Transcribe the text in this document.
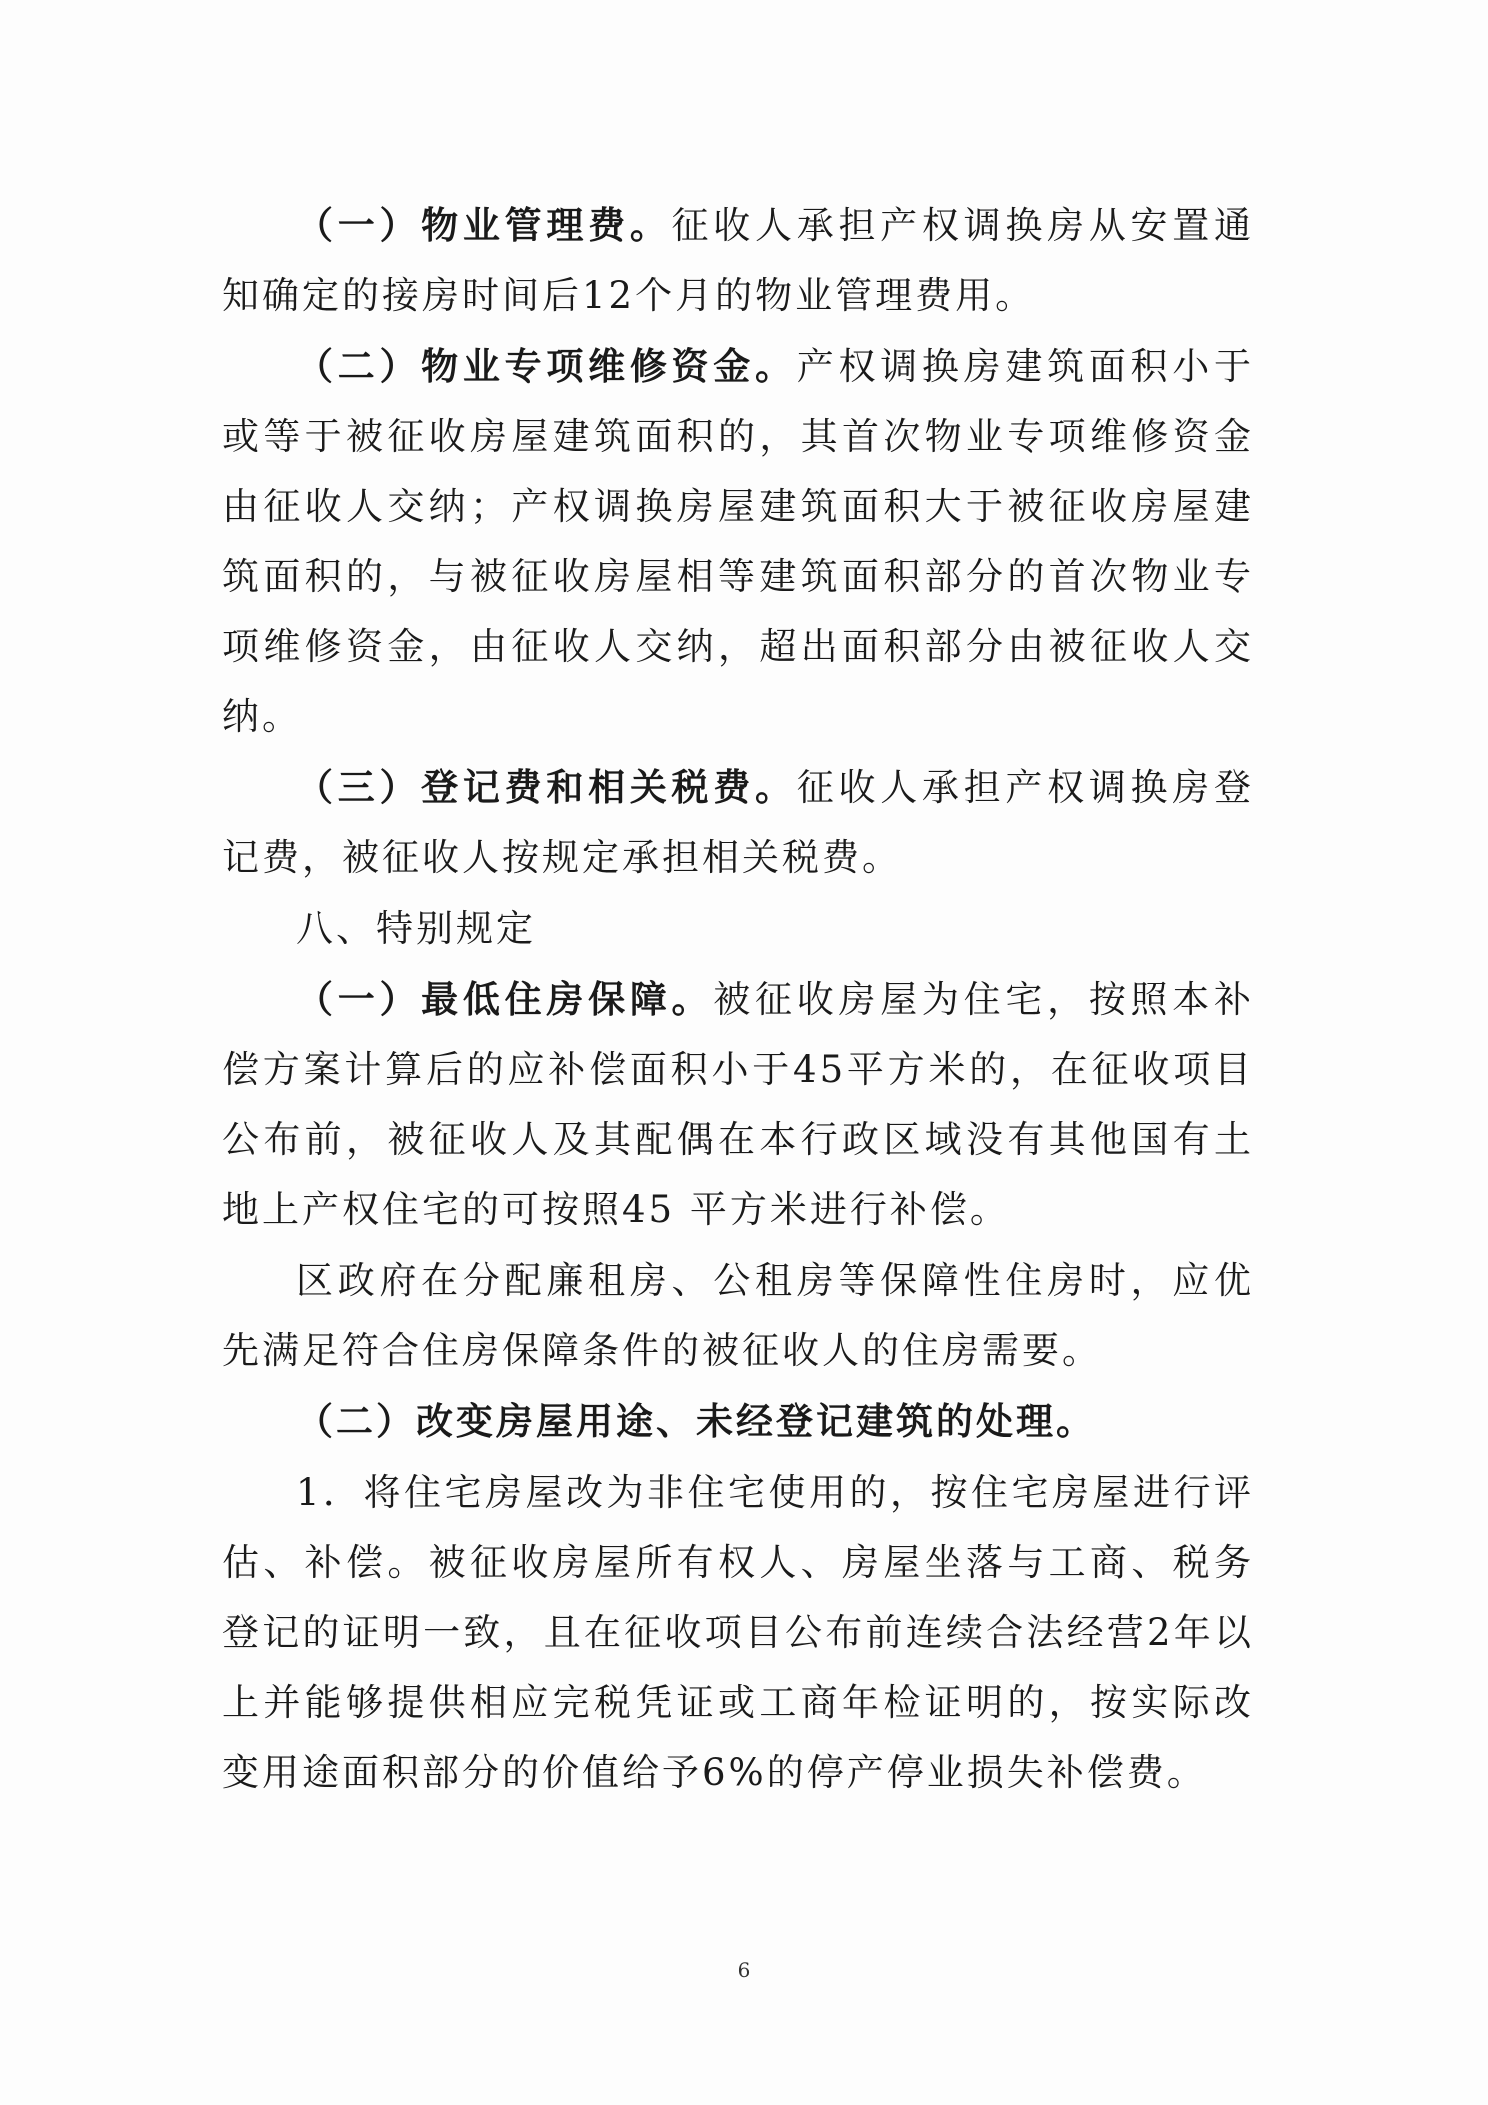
（一）物业管理费。征收人承担产权调换房从安置通知确定的接房时间后12个月的物业管理费用。

（二）物业专项维修资金。产权调换房建筑面积小于或等于被征收房屋建筑面积的，其首次物业专项维修资金由征收人交纳；产权调换房屋建筑面积大于被征收房屋建筑面积的，与被征收房屋相等建筑面积部分的首次物业专项维修资金，由征收人交纳，超出面积部分由被征收人交纳。

（三）登记费和相关税费。征收人承担产权调换房登记费，被征收人按规定承担相关税费。

八、特别规定

（一）最低住房保障。被征收房屋为住宅，按照本补偿方案计算后的应补偿面积小于45平方米的，在征收项目公布前，被征收人及其配偶在本行政区域没有其他国有土地上产权住宅的可按照45 平方米进行补偿。

区政府在分配廉租房、公租房等保障性住房时，应优先满足符合住房保障条件的被征收人的住房需要。

（二）改变房屋用途、未经登记建筑的处理。

1．将住宅房屋改为非住宅使用的，按住宅房屋进行评估、补偿。被征收房屋所有权人、房屋坐落与工商、税务登记的证明一致，且在征收项目公布前连续合法经营2年以上并能够提供相应完税凭证或工商年检证明的，按实际改变用途面积部分的价值给予6%的停产停业损失补偿费。

6
